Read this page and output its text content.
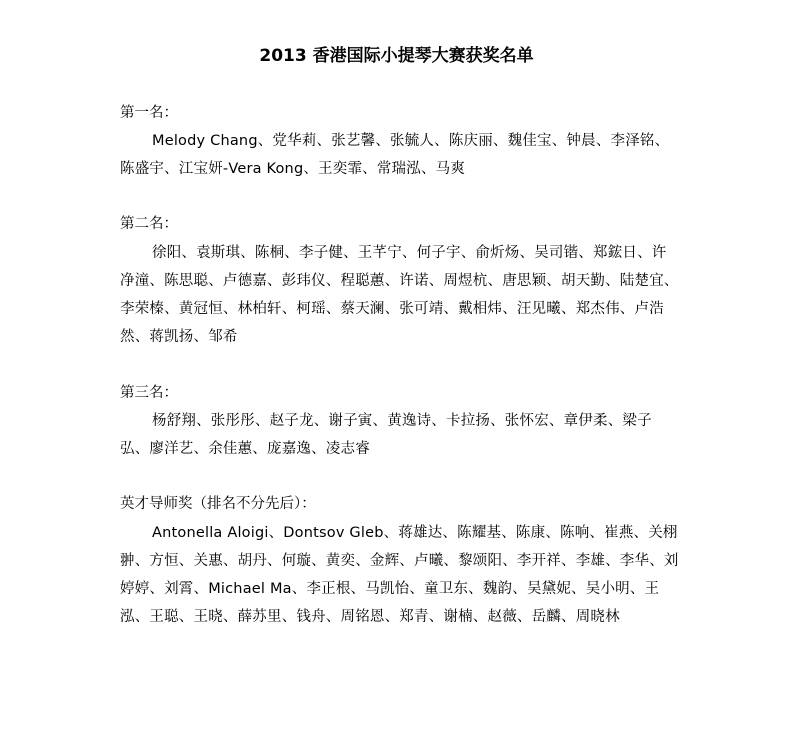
2013 香港国际小提琴大赛获奖名单
第一名：
Melody Chang、党华莉、张艺馨、张毓人、陈庆丽、魏佳宝、钟晨、李泽铭、陈盛宇、江宝妍-Vera Kong、王奕霏、常瑞泓、马爽
第二名：
徐阳、袁斯琪、陈桐、李子健、王芊宁、何子宇、俞炘炀、吴司锴、郑鋐日、许净潼、陈思聪、卢德嘉、彭玮仪、程聪蕙、许诺、周煜杭、唐思颖、胡天勤、陆楚宜、李荣榛、黄冠恒、林柏轩、柯瑶、蔡天澜、张可靖、戴相炜、汪见曦、郑杰伟、卢浩然、蒋凯扬、邹希
第三名：
杨舒翔、张彤彤、赵子龙、谢子寅、黄逸诗、卡拉扬、张怀宏、章伊柔、梁子弘、廖洋艺、余佳蕙、庞嘉逸、凌志睿
英才导师奖（排名不分先后）：
Antonella Aloigi、Dontsov Gleb、蒋雄达、陈耀基、陈康、陈响、崔燕、关栩翀、方恒、关惠、胡丹、何璇、黄奕、金辉、卢曦、黎颂阳、李开祥、李雄、李华、刘婷婷、刘霄、Michael Ma、李正根、马凯怡、童卫东、魏韵、吴黛妮、吴小明、王泓、王聪、王晓、薛苏里、钱舟、周铭恩、郑青、谢楠、赵薇、岳麟、周晓林
